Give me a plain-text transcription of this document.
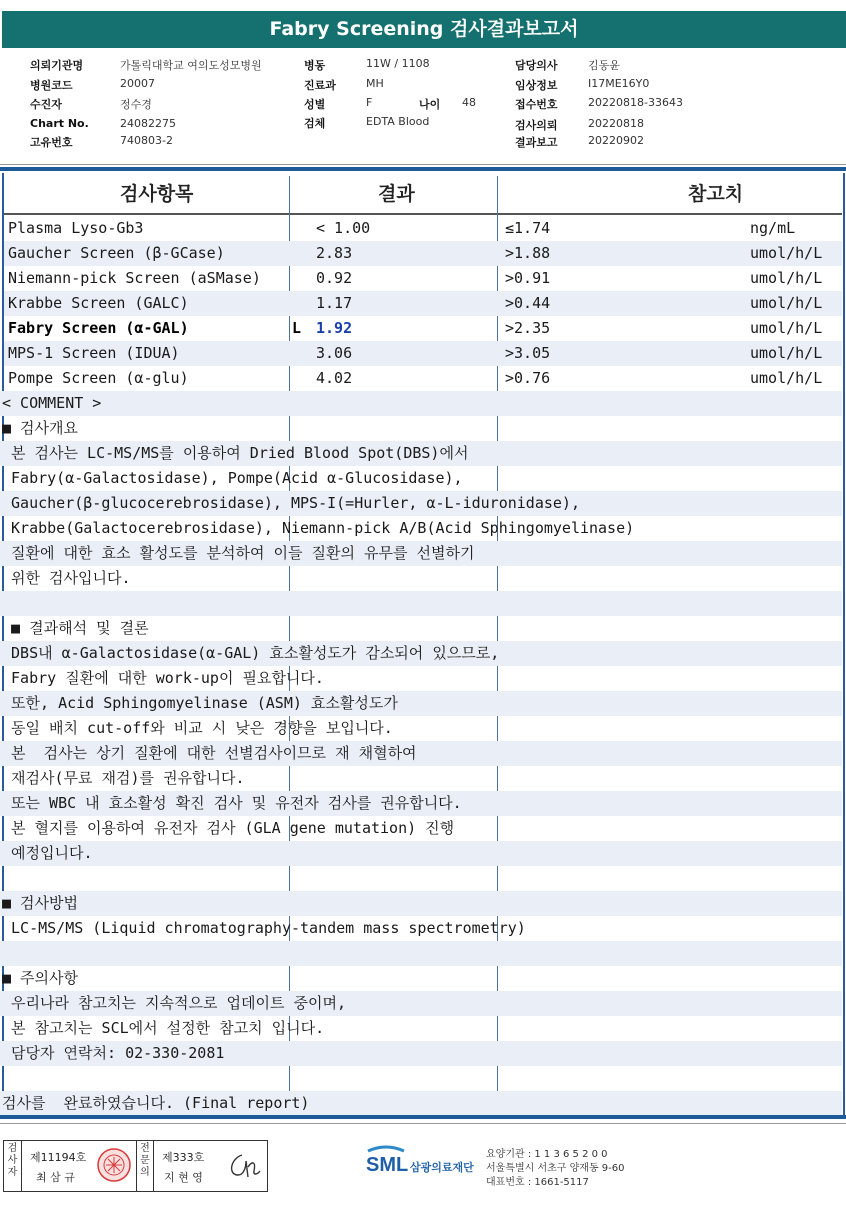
Fabry Screening 검사결과보고서
의뢰기관명	가톨릭대학교 여의도성모병원
병원코드	20007
수진자	정수경
Chart No.	24082275
고유번호	740803-2
병동	11W / 1108
진료과	MH
성별	F	나이 48
검체	EDTA Blood
담당의사	김동윤
임상정보	I17ME16Y0
접수번호	20220818-33643
검사의뢰	20220818
결과보고	20220902
검사항목	결과	참고치
Plasma Lyso-Gb3	< 1.00	≤1.74	ng/mL
Gaucher Screen (β-GCase)	2.83	>1.88	umol/h/L
Niemann-pick Screen (aSMase)	0.92	>0.91	umol/h/L
Krabbe Screen (GALC)	1.17	>0.44	umol/h/L
Fabry Screen (α-GAL)	L 1.92	>2.35	umol/h/L
MPS-1 Screen (IDUA)	3.06	>3.05	umol/h/L
Pompe Screen (α-glu)	4.02	>0.76	umol/h/L
< COMMENT >
■ 검사개요
본 검사는 LC-MS/MS를 이용하여 Dried Blood Spot(DBS)에서
Fabry(α-Galactosidase), Pompe(Acid α-Glucosidase),
Gaucher(β-glucocerebrosidase), MPS-I(=Hurler, α-L-iduronidase),
Krabbe(Galactocerebrosidase), Niemann-pick A/B(Acid Sphingomyelinase)
질환에 대한 효소 활성도를 분석하여 이들 질환의 유무를 선별하기
위한 검사입니다.
■ 결과해석 및 결론
DBS내 α-Galactosidase(α-GAL) 효소활성도가 감소되어 있으므로,
Fabry 질환에 대한 work-up이 필요합니다.
또한, Acid Sphingomyelinase (ASM) 효소활성도가
동일 배치 cut-off와 비교 시 낮은 경향을 보입니다.
본  검사는 상기 질환에 대한 선별검사이므로 재 채혈하여
재검사(무료 재검)를 권유합니다.
또는 WBC 내 효소활성 확진 검사 및 유전자 검사를 권유합니다.
본 혈지를 이용하여 유전자 검사 (GLA gene mutation) 진행
예정입니다.
■ 검사방법
LC-MS/MS (Liquid chromatography-tandem mass spectrometry)
■ 주의사항
우리나라 참고치는 지속적으로 업데이트 중이며,
본 참고치는 SCL에서 설정한 참고치 입니다.
담당자 연락처: 02-330-2081
검사를  완료하였습니다. (Final report)
검사자
제11194호
최 삼 규
전문의
제333호
지 현 영
SML 삼광의료재단
요양기관 : 1 1 3 6 5 2 0 0
서울특별시 서초구 양재동 9-60
대표번호 : 1661-5117
